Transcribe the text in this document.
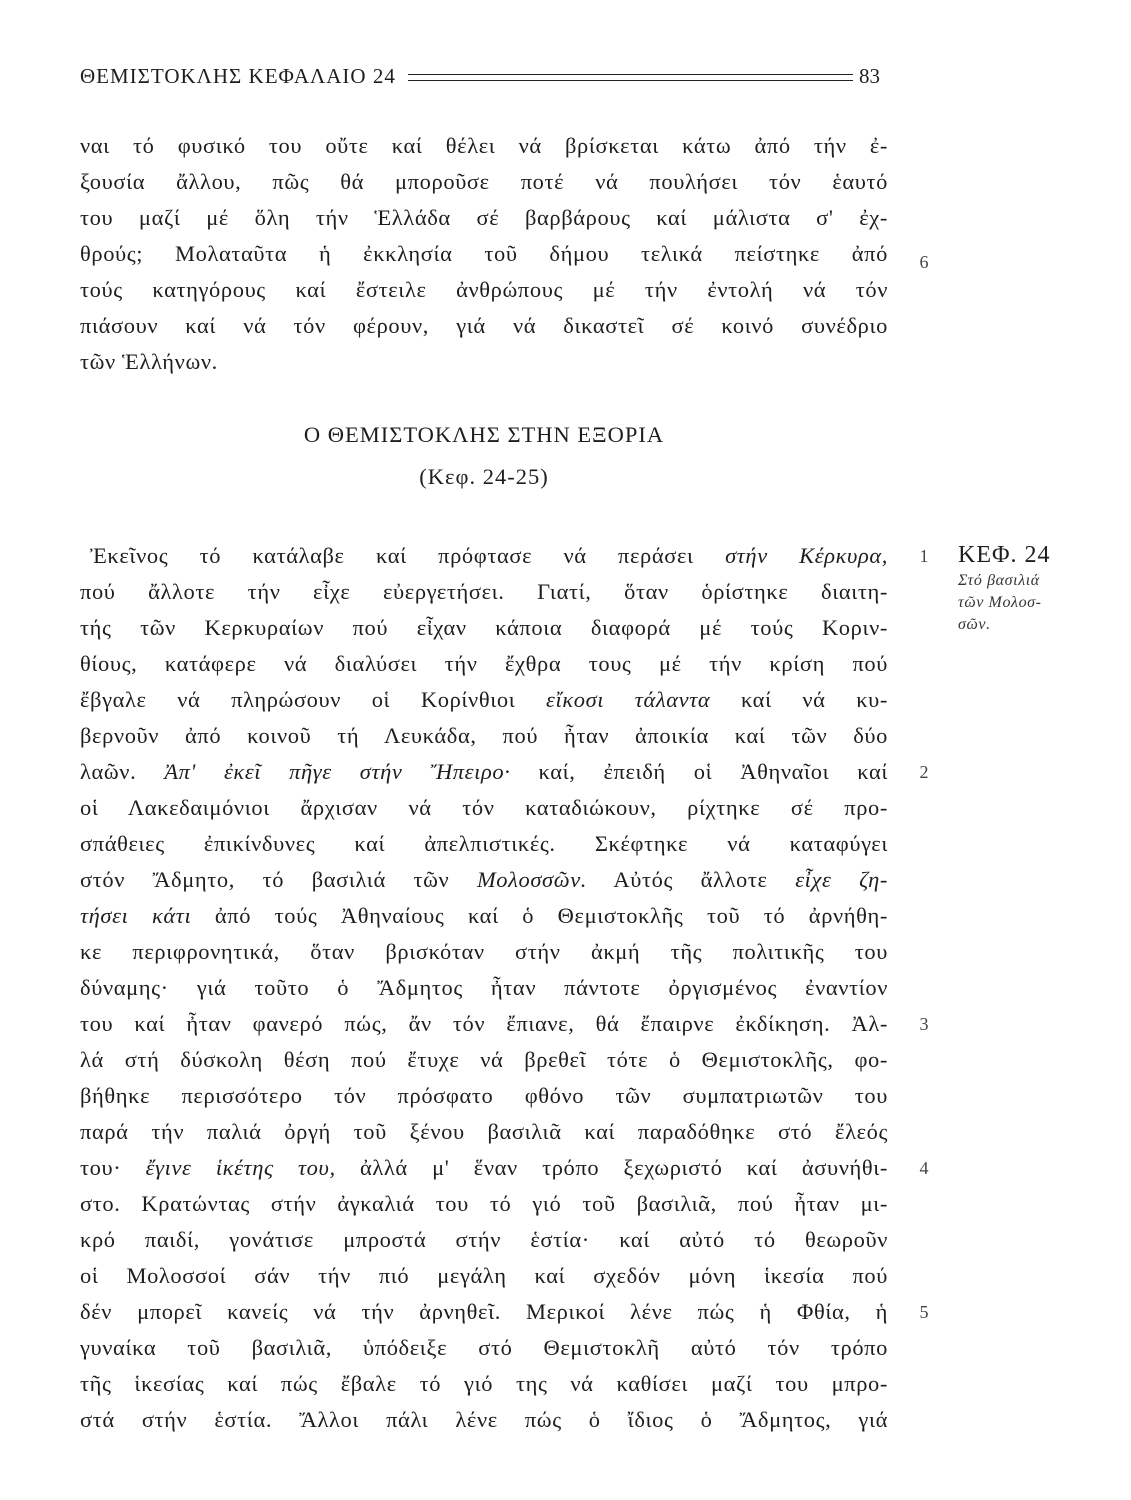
ΘΕΜΙΣΤΟΚΛΗΣ ΚΕΦΑΛΑΙΟ 24	83
ναι τό φυσικό του οὔτε καί θέλει νά βρίσκεται κάτω ἀπό τήν ἐ-
ξουσία ἄλλου, πῶς θά μποροῦσε ποτέ νά πουλήσει τόν ἑαυτό
του μαζί μέ ὅλη τήν Ἑλλάδα σέ βαρβάρους καί μάλιστα σ' ἐχ-
θρούς; Μολαταῦτα ἡ ἐκκλησία τοῦ δήμου τελικά πείστηκε ἀπό
τούς κατηγόρους καί ἔστειλε ἀνθρώπους μέ τήν ἐντολή νά τόν
πιάσουν καί νά τόν φέρουν, γιά νά δικαστεῖ σέ κοινό συνέδριο
τῶν Ἑλλήνων.
Ο ΘΕΜΙΣΤΟΚΛΗΣ ΣΤΗΝ ΕΞΟΡΙΑ
(Κεφ. 24-25)
Ἐκεῖνος τό κατάλαβε καί πρόφτασε νά περάσει στήν Κέρκυρα,
πού ἄλλοτε τήν εἶχε εὐεργετήσει. Γιατί, ὅταν ὁρίστηκε διαιτη-
τής τῶν Κερκυραίων πού εἶχαν κάποια διαφορά μέ τούς Κοριν-
θίους, κατάφερε νά διαλύσει τήν ἔχθρα τους μέ τήν κρίση πού
ἔβγαλε νά πληρώσουν οἱ Κορίνθιοι εἴκοσι τάλαντα καί νά κυ-
βερνοῦν ἀπό κοινοῦ τή Λευκάδα, πού ἦταν ἀποικία καί τῶν δύο
λαῶν. Ἀπ' ἐκεῖ πῆγε στήν Ἤπειρο· καί, ἐπειδή οἱ Ἀθηναῖοι καί
οἱ Λακεδαιμόνιοι ἄρχισαν νά τόν καταδιώκουν, ρίχτηκε σέ προ-
σπάθειες ἐπικίνδυνες καί ἀπελπιστικές. Σκέφτηκε νά καταφύγει
στόν Ἄδμητο, τό βασιλιά τῶν Μολοσσῶν. Αὐτός ἄλλοτε εἶχε ζη-
τήσει κάτι ἀπό τούς Ἀθηναίους καί ὁ Θεμιστοκλῆς τοῦ τό ἀρνήθη-
κε περιφρονητικά, ὅταν βρισκόταν στήν ἀκμή τῆς πολιτικῆς του
δύναμης· γιά τοῦτο ὁ Ἄδμητος ἦταν πάντοτε ὀργισμένος ἐναντίον
του καί ἦταν φανερό πώς, ἄν τόν ἔπιανε, θά ἔπαιρνε ἐκδίκηση. Ἀλ-
λά στή δύσκολη θέση πού ἔτυχε νά βρεθεῖ τότε ὁ Θεμιστοκλῆς, φο-
βήθηκε περισσότερο τόν πρόσφατο φθόνο τῶν συμπατριωτῶν του
παρά τήν παλιά ὀργή τοῦ ξένου βασιλιᾶ καί παραδόθηκε στό ἔλεός
του· ἔγινε ἱκέτης του, ἀλλά μ' ἕναν τρόπο ξεχωριστό καί ἀσυνήθι-
στο. Κρατώντας στήν ἀγκαλιά του τό γιό τοῦ βασιλιᾶ, πού ἦταν μι-
κρό παιδί, γονάτισε μπροστά στήν ἑστία· καί αὐτό τό θεωροῦν
οἱ Μολοσσοί σάν τήν πιό μεγάλη καί σχεδόν μόνη ἱκεσία πού
δέν μπορεῖ κανείς νά τήν ἀρνηθεῖ. Μερικοί λένε πώς ἡ Φθία, ἡ
γυναίκα τοῦ βασιλιᾶ, ὑπόδειξε στό Θεμιστοκλῆ αὐτό τόν τρόπο
τῆς ἱκεσίας καί πώς ἔβαλε τό γιό της νά καθίσει μαζί του μπρο-
στά στήν ἑστία. Ἄλλοι πάλι λένε πώς ὁ ἴδιος ὁ Ἄδμητος, γιά
6
1
2
3
4
5
ΚΕΦ. 24
Στό βασιλιά
τῶν Μολοσ-
σῶν.
